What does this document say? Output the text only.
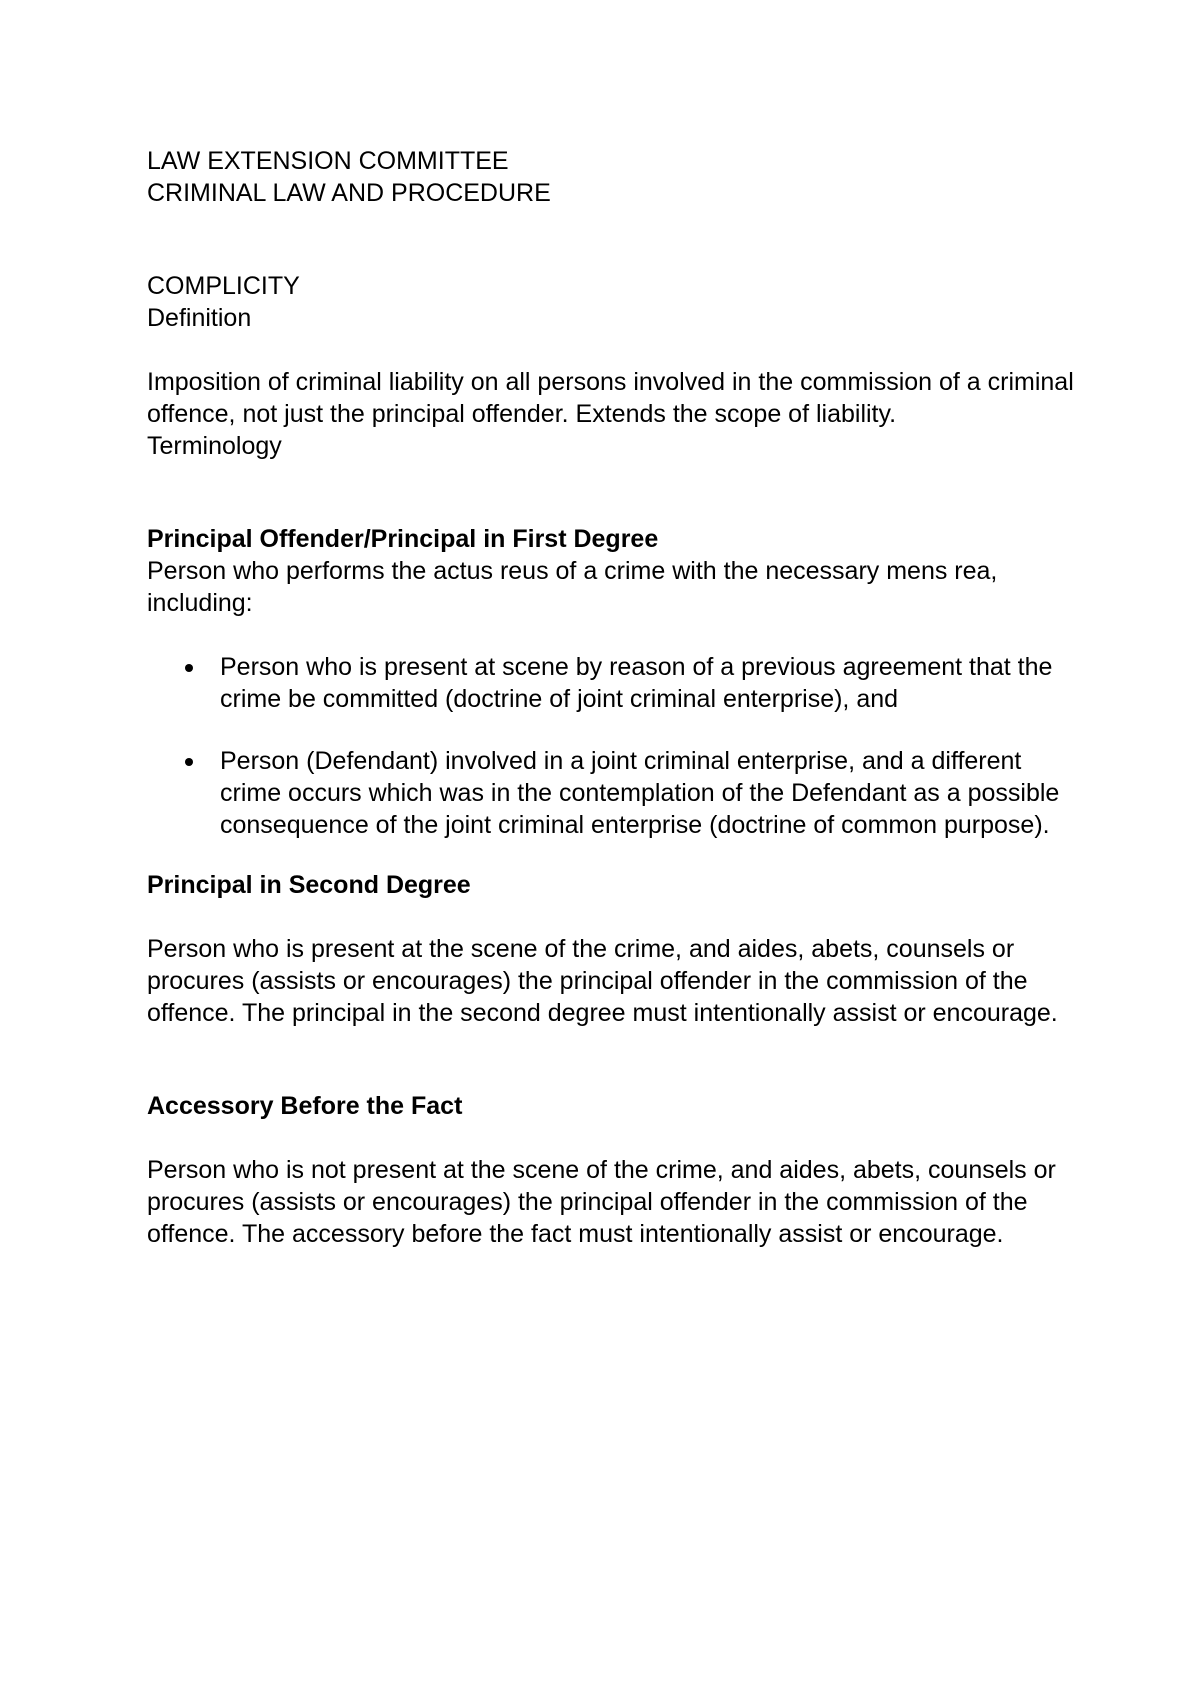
LAW EXTENSION COMMITTEE

CRIMINAL LAW AND PROCEDURE

COMPLICITY

Definition

Imposition of criminal liability on all persons involved in the commission of a criminal offence, not just the principal offender. Extends the scope of liability.

Terminology

Principal Offender/Principal in First Degree

Person who performs the actus reus of a crime with the necessary mens rea, including:

Person who is present at scene by reason of a previous agreement that the crime be committed (doctrine of joint criminal enterprise), and
Person (Defendant) involved in a joint criminal enterprise, and a different crime occurs which was in the contemplation of the Defendant as a possible consequence of the joint criminal enterprise (doctrine of common purpose).

Principal in Second Degree

Person who is present at the scene of the crime, and aides, abets, counsels or procures (assists or encourages) the principal offender in the commission of the offence. The principal in the second degree must intentionally assist or encourage.

Accessory Before the Fact

Person who is not present at the scene of the crime, and aides, abets, counsels or procures (assists or encourages) the principal offender in the commission of the offence. The accessory before the fact must intentionally assist or encourage.
